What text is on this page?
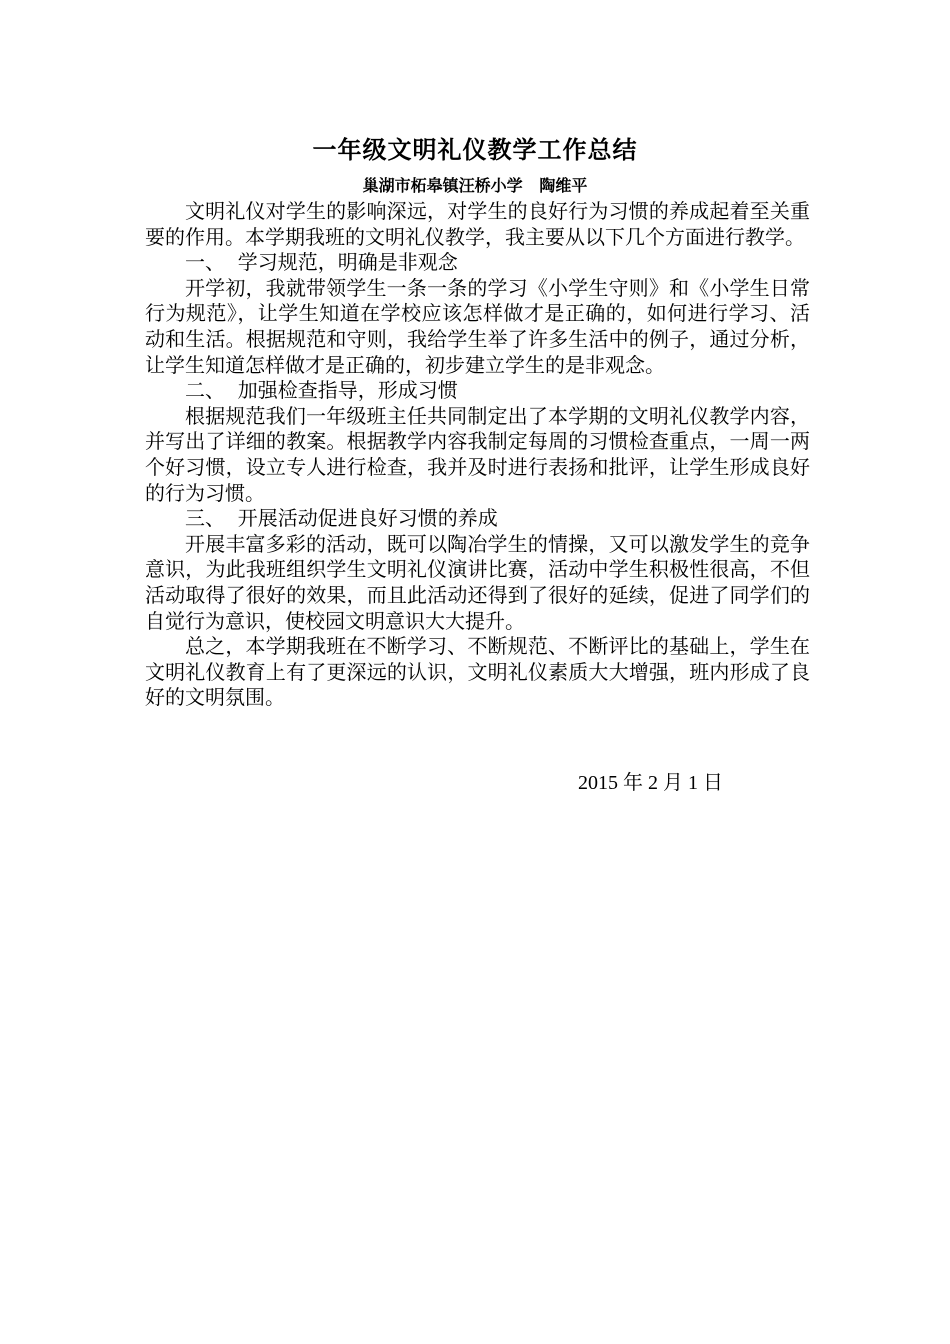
一年级文明礼仪教学工作总结
巢湖市柘皋镇汪桥小学   陶维平

文明礼仪对学生的影响深远，对学生的良好行为习惯的养成起着至关重要的作用。本学期我班的文明礼仪教学，我主要从以下几个方面进行教学。

一、  学习规范，明确是非观念

开学初，我就带领学生一条一条的学习《小学生守则》和《小学生日常行为规范》，让学生知道在学校应该怎样做才是正确的，如何进行学习、活动和生活。根据规范和守则，我给学生举了许多生活中的例子，通过分析，让学生知道怎样做才是正确的，初步建立学生的是非观念。

二、  加强检查指导，形成习惯

根据规范我们一年级班主任共同制定出了本学期的文明礼仪教学内容，并写出了详细的教案。根据教学内容我制定每周的习惯检查重点，一周一两个好习惯，设立专人进行检查，我并及时进行表扬和批评，让学生形成良好的行为习惯。

三、  开展活动促进良好习惯的养成

开展丰富多彩的活动，既可以陶冶学生的情操，又可以激发学生的竞争意识，为此我班组织学生文明礼仪演讲比赛，活动中学生积极性很高，不但活动取得了很好的效果，而且此活动还得到了很好的延续，促进了同学们的自觉行为意识，使校园文明意识大大提升。

总之，本学期我班在不断学习、不断规范、不断评比的基础上，学生在文明礼仪教育上有了更深远的认识，文明礼仪素质大大增强，班内形成了良好的文明氛围。

2015 年 2 月 1 日
